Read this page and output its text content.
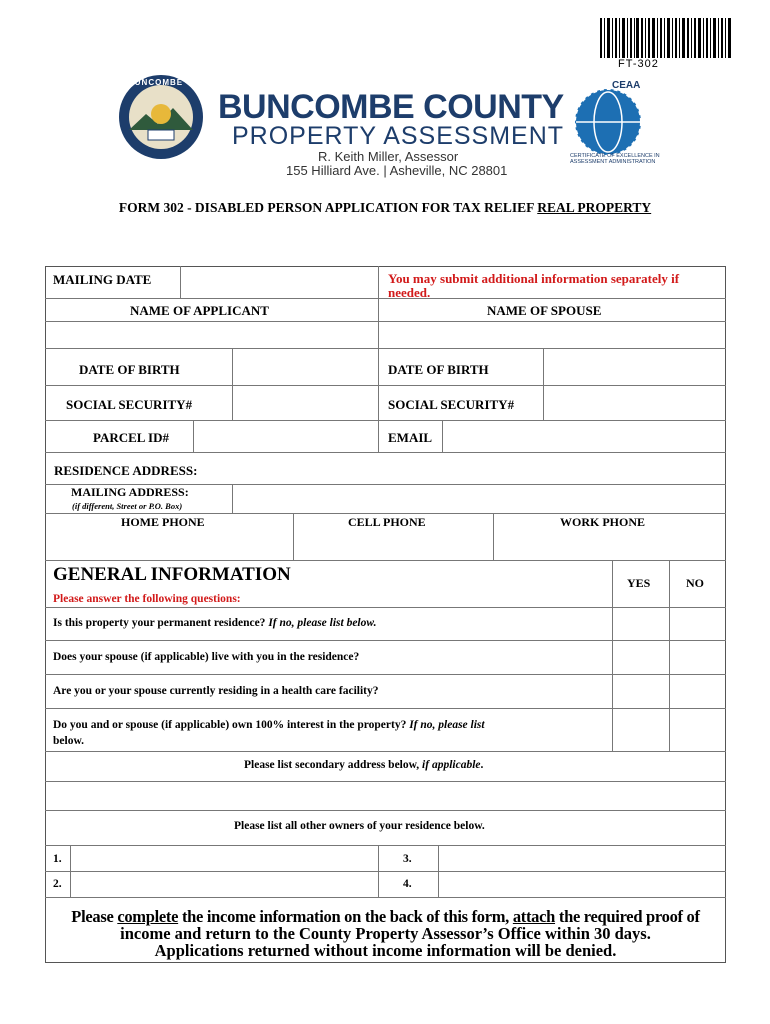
FT-302
BUNCOMBE COUNTY
BUNCOMBE COUNTY
PROPERTY ASSESSMENT
R. Keith Miller, Assessor
155 Hilliard Ave. | Asheville, NC 28801
CEAA
CERTIFICATE OF EXCELLENCE IN ASSESSMENT ADMINISTRATION
FORM 302 - DISABLED PERSON APPLICATION FOR TAX RELIEF REAL PROPERTY
MAILING DATE	You may submit additional information separately if needed.
NAME OF APPLICANT	NAME OF SPOUSE
DATE OF BIRTH	DATE OF BIRTH
SOCIAL SECURITY#	SOCIAL SECURITY#
PARCEL ID#	EMAIL
RESIDENCE ADDRESS:
MAILING ADDRESS:
(if different, Street or P.O. Box)
HOME PHONE	CELL PHONE	WORK PHONE
GENERAL INFORMATION
Please answer the following questions:
YES	NO
Is this property your permanent residence? If no, please list below.
Does your spouse (if applicable) live with you in the residence?
Are you or your spouse currently residing in a health care facility?
Do you and or spouse (if applicable) own 100% interest in the property? If no, please list
below.
Please list secondary address below, if applicable.
Please list all other owners of your residence below.
1.	3.
2.	4.
Please complete the income information on the back of this form, attach the required proof of
income and return to the County Property Assessor’s Office within 30 days.
Applications returned without income information will be denied.
